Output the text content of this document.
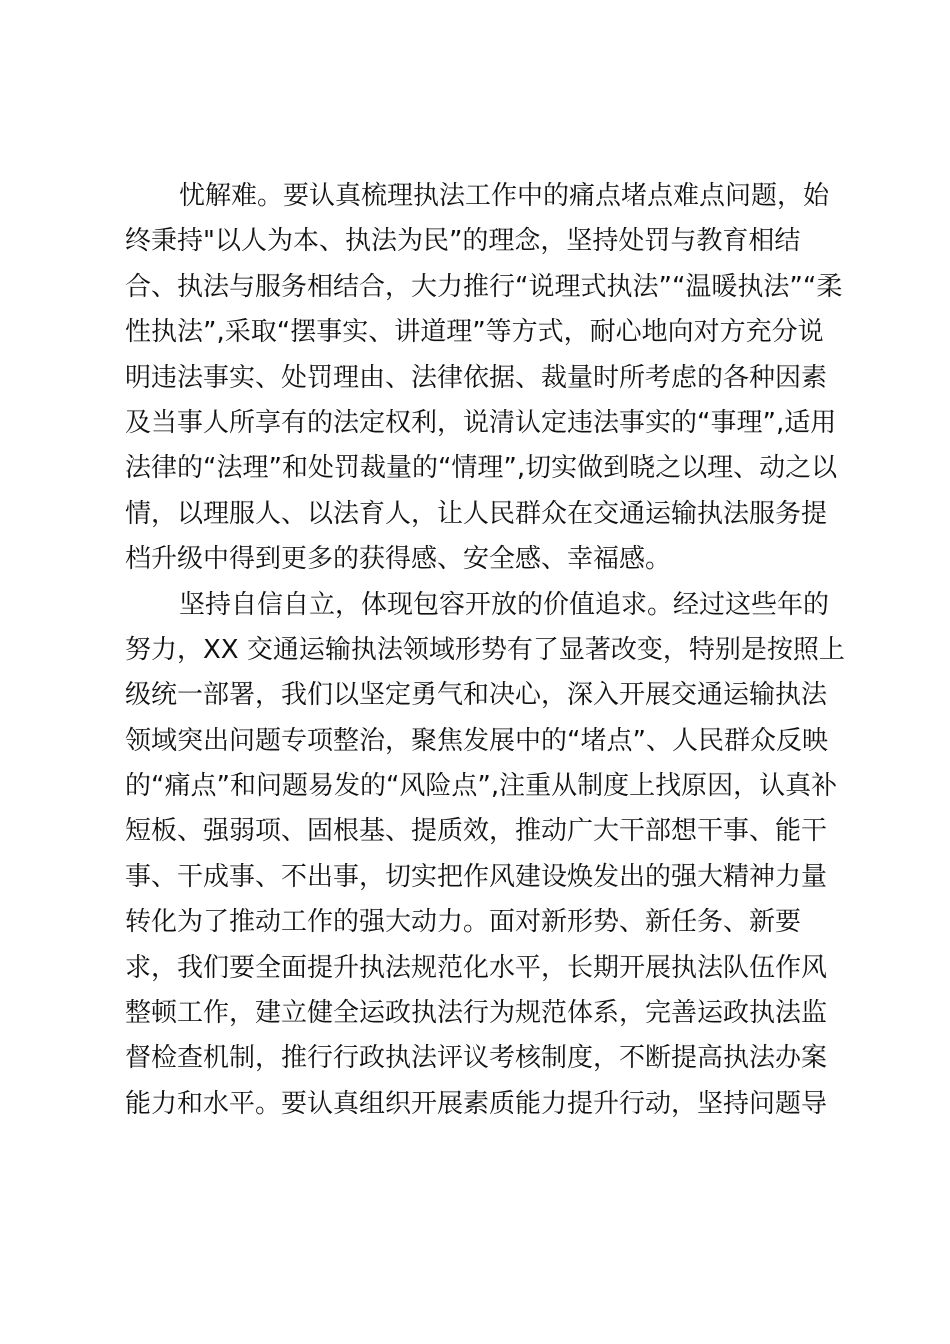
忧解难。要认真梳理执法工作中的痛点堵点难点问题，始
终秉持"以人为本、执法为民”的理念，坚持处罚与教育相结
合、执法与服务相结合，大力推行“说理式执法”“温暖执法”“柔
性执法”,采取“摆事实、讲道理”等方式，耐心地向对方充分说
明违法事实、处罚理由、法律依据、裁量时所考虑的各种因素
及当事人所享有的法定权利，说清认定违法事实的“事理”,适用
法律的“法理”和处罚裁量的“情理”,切实做到晓之以理、动之以
情，以理服人、以法育人，让人民群众在交通运输执法服务提
档升级中得到更多的获得感、安全感、幸福感。
坚持自信自立，体现包容开放的价值追求。经过这些年的
努力，XX 交通运输执法领域形势有了显著改变，特别是按照上
级统一部署，我们以坚定勇气和决心，深入开展交通运输执法
领域突出问题专项整治，聚焦发展中的“堵点”、人民群众反映
的“痛点”和问题易发的“风险点”,注重从制度上找原因，认真补
短板、强弱项、固根基、提质效，推动广大干部想干事、能干
事、干成事、不出事，切实把作风建设焕发出的强大精神力量
转化为了推动工作的强大动力。面对新形势、新任务、新要
求，我们要全面提升执法规范化水平，长期开展执法队伍作风
整顿工作，建立健全运政执法行为规范体系，完善运政执法监
督检查机制，推行行政执法评议考核制度，不断提高执法办案
能力和水平。要认真组织开展素质能力提升行动，坚持问题导
